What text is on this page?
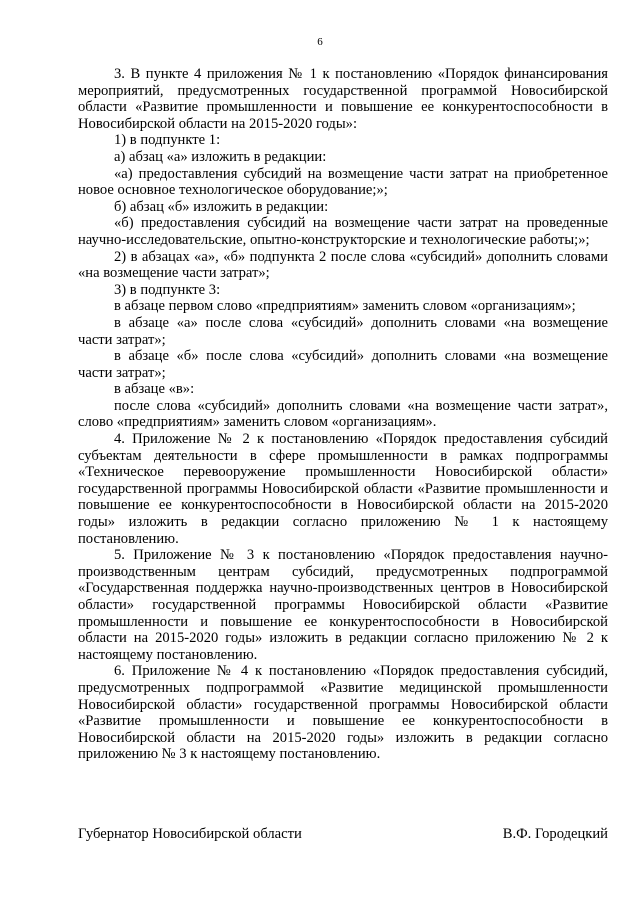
6

3. В пункте 4 приложения № 1 к постановлению «Порядок финансирования мероприятий, предусмотренных государственной программой Новосибирской области «Развитие промышленности и повышение ее конкурентоспособности в Новосибирской области на 2015-2020 годы»:

1) в подпункте 1:

а) абзац «а» изложить в редакции:

«а) предоставления субсидий на возмещение части затрат на приобретенное новое основное технологическое оборудование;»;

б) абзац «б» изложить в редакции:

«б) предоставления субсидий на возмещение части затрат на проведенные научно-исследовательские, опытно-конструкторские и технологические работы;»;

2) в абзацах «а», «б» подпункта 2 после слова «субсидий» дополнить словами «на возмещение части затрат»;

3) в подпункте 3:

в абзаце первом слово «предприятиям» заменить словом «организациям»;

в абзаце «а» после слова «субсидий» дополнить словами «на возмещение части затрат»;

в абзаце «б» после слова «субсидий» дополнить словами «на возмещение части затрат»;

в абзаце «в»:

после слова «субсидий» дополнить словами «на возмещение части затрат», слово «предприятиям» заменить словом «организациям».

4. Приложение № 2 к постановлению «Порядок предоставления субсидий субъектам деятельности в сфере промышленности в рамках подпрограммы «Техническое перевооружение промышленности Новосибирской области» государственной программы Новосибирской области «Развитие промышленности и повышение ее конкурентоспособности в Новосибирской области на 2015-2020 годы» изложить в редакции согласно приложению № 1 к настоящему постановлению.

5. Приложение № 3 к постановлению «Порядок предоставления научно-производственным центрам субсидий, предусмотренных подпрограммой «Государственная поддержка научно-производственных центров в Новосибирской области» государственной программы Новосибирской области «Развитие промышленности и повышение ее конкурентоспособности в Новосибирской области на 2015-2020 годы» изложить в редакции согласно приложению № 2 к настоящему постановлению.

6. Приложение № 4 к постановлению «Порядок предоставления субсидий, предусмотренных подпрограммой «Развитие медицинской промышленности Новосибирской области» государственной программы Новосибирской области «Развитие промышленности и повышение ее конкурентоспособности в Новосибирской области на 2015-2020 годы» изложить в редакции согласно приложению № 3 к настоящему постановлению.

Губернатор Новосибирской области	В.Ф. Городецкий
